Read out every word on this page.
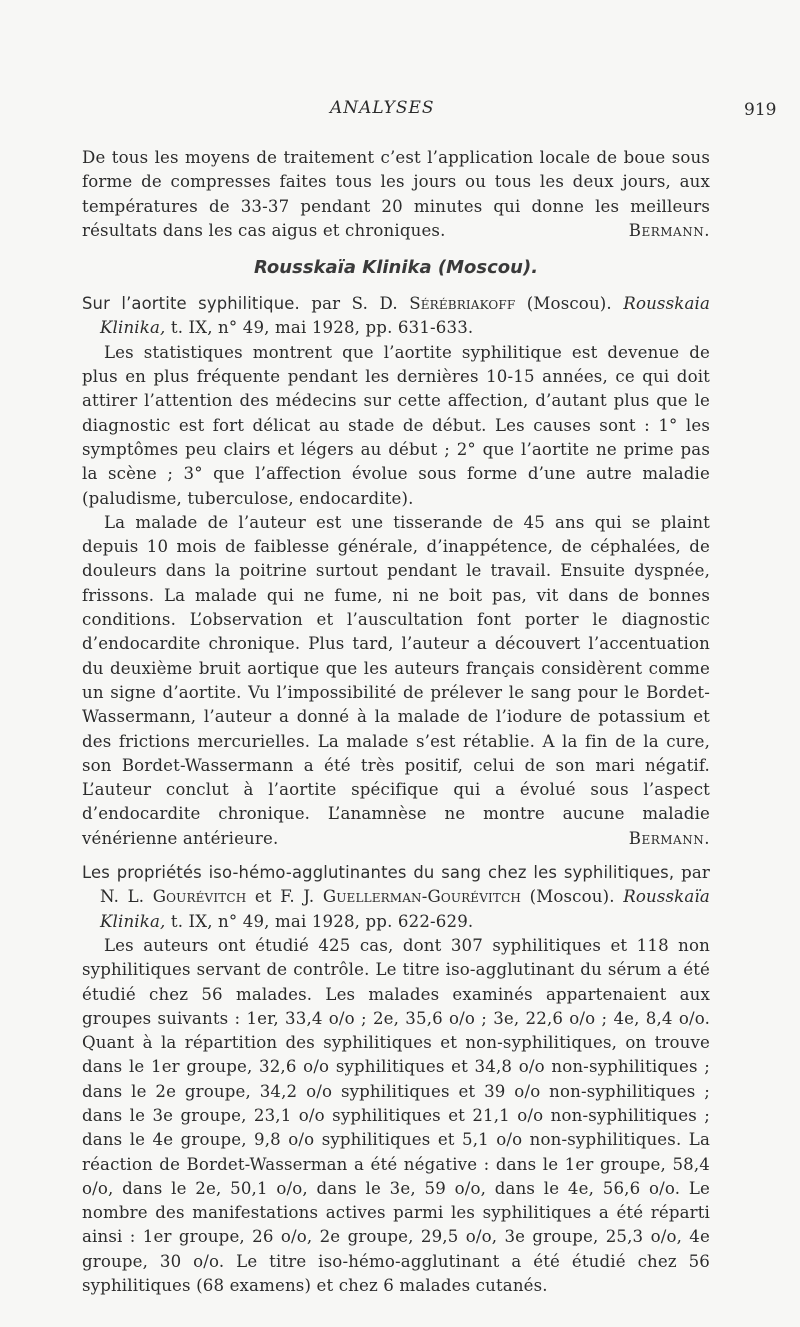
ANALYSES	919

De tous les moyens de traitement c’est l’application locale de boue sous forme de compresses faites tous les jours ou tous les deux jours, aux températures de 33-37 pendant 20 minutes qui donne les meilleurs résultats dans les cas aigus et chroniques.	Bermann.

Rousskaïa Klinika (Moscou).

Sur l’aortite syphilitique. par S. D. Sérébriakoff (Moscou). Rousskaia Klinika, t. IX, n° 49, mai 1928, pp. 631-633.

Les statistiques montrent que l’aortite syphilitique est devenue de plus en plus fréquente pendant les dernières 10-15 années, ce qui doit attirer l’attention des médecins sur cette affection, d’autant plus que le diagnostic est fort délicat au stade de début. Les causes sont : 1° les symptômes peu clairs et légers au début ; 2° que l’aortite ne prime pas la scène ; 3° que l’affection évolue sous forme d’une autre maladie (paludisme, tuberculose, endocardite).

La malade de l’auteur est une tisserande de 45 ans qui se plaint depuis 10 mois de faiblesse générale, d’inappétence, de céphalées, de douleurs dans la poitrine surtout pendant le travail. Ensuite dyspnée, frissons. La malade qui ne fume, ni ne boit pas, vit dans de bonnes conditions. L’observation et l’auscultation font porter le diagnostic d’endocardite chronique. Plus tard, l’auteur a découvert l’accentuation du deuxième bruit aortique que les auteurs français considèrent comme un signe d’aortite. Vu l’impossibilité de prélever le sang pour le Bordet-Wassermann, l’auteur a donné à la malade de l’iodure de potassium et des frictions mercurielles. La malade s’est rétablie. A la fin de la cure, son Bordet-Wassermann a été très positif, celui de son mari négatif. L’auteur conclut à l’aortite spécifique qui a évolué sous l’aspect d’endocardite chronique. L’anamnèse ne montre aucune maladie vénérienne antérieure.	Bermann.

Les propriétés iso-hémo-agglutinantes du sang chez les syphilitiques, par N. L. Gourévitch et F. J. Guellerman-Gourévitch (Moscou). Rousskaïa Klinika, t. IX, n° 49, mai 1928, pp. 622-629.

Les auteurs ont étudié 425 cas, dont 307 syphilitiques et 118 non syphilitiques servant de contrôle. Le titre iso-agglutinant du sérum a été étudié chez 56 malades. Les malades examinés appartenaient aux groupes suivants : 1er, 33,4 o/o ; 2e, 35,6 o/o ; 3e, 22,6 o/o ; 4e, 8,4 o/o. Quant à la répartition des syphilitiques et non-syphilitiques, on trouve dans le 1er groupe, 32,6 o/o syphilitiques et 34,8 o/o non-syphilitiques ; dans le 2e groupe, 34,2 o/o syphilitiques et 39 o/o non-syphilitiques ; dans le 3e groupe, 23,1 o/o syphilitiques et 21,1 o/o non-syphilitiques ; dans le 4e groupe, 9,8 o/o syphilitiques et 5,1 o/o non-syphilitiques. La réaction de Bordet-Wasserman a été négative : dans le 1er groupe, 58,4 o/o, dans le 2e, 50,1 o/o, dans le 3e, 59 o/o, dans le 4e, 56,6 o/o. Le nombre des manifestations actives parmi les syphilitiques a été réparti ainsi : 1er groupe, 26 o/o, 2e groupe, 29,5 o/o, 3e groupe, 25,3 o/o, 4e groupe, 30 o/o. Le titre iso-hémo-agglutinant a été étudié chez 56 syphilitiques (68 examens) et chez 6 malades cutanés.
